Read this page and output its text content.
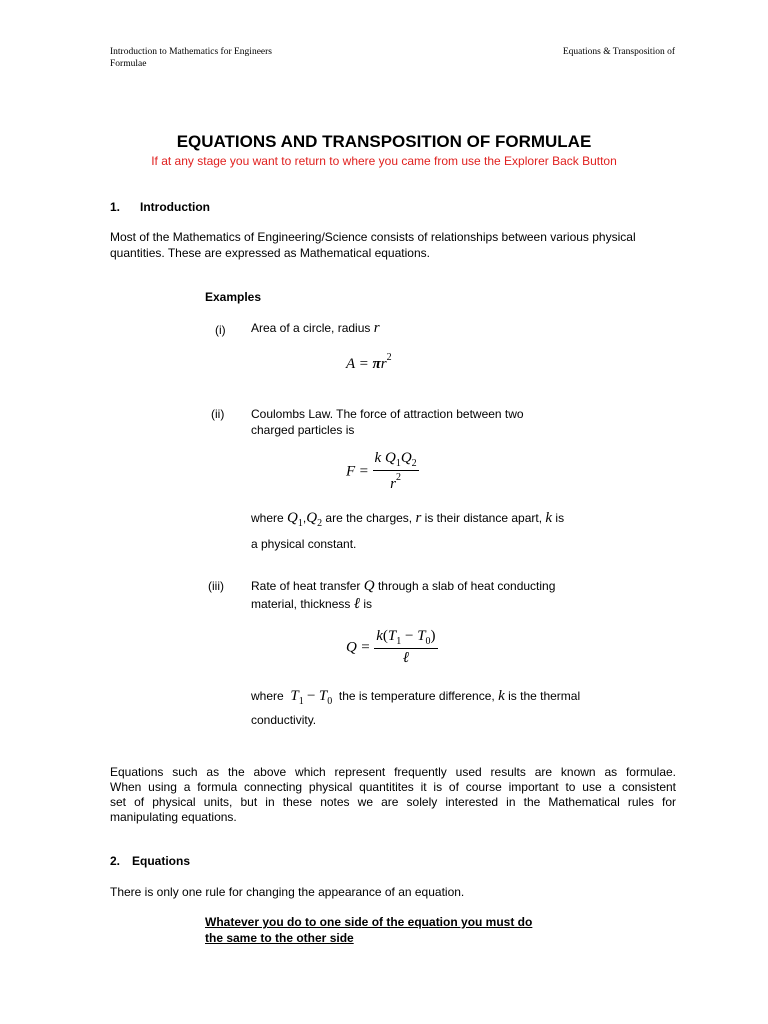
Introduction to Mathematics for Engineers
Formulae
Equations & Transposition of
EQUATIONS AND TRANSPOSITION OF FORMULAE
If at any stage you want to return to where you came from use the Explorer Back Button
1. Introduction
Most of the Mathematics of Engineering/Science consists of relationships between various physical
quantities. These are expressed as Mathematical equations.
Examples
(i) Area of a circle, radius r
$A = \pi r^2$
(ii) Coulombs Law. The force of attraction between two
charged particles is
$F = \frac{k Q_1Q_2}{r^2}$
where $Q_1,Q_2$ are the charges, r is their distance apart, k is
a physical constant.
(iii) Rate of heat transfer Q through a slab of heat conducting
material, thickness ℓ is
$Q = \frac{k(T_1 - T_0)}{\text{ℓ}}$
where $T_1 - T_0$ the is temperature difference, k is the thermal
conductivity.
Equations such as the above which represent frequently used results are known as formulae.
When using a formula connecting physical quantitites it is of course important to use a consistent
set of physical units, but in these notes we are solely interested in the Mathematical rules for
manipulating equations.
2. Equations
There is only one rule for changing the appearance of an equation.
Whatever you do to one side of the equation you must do
the same to the other side
